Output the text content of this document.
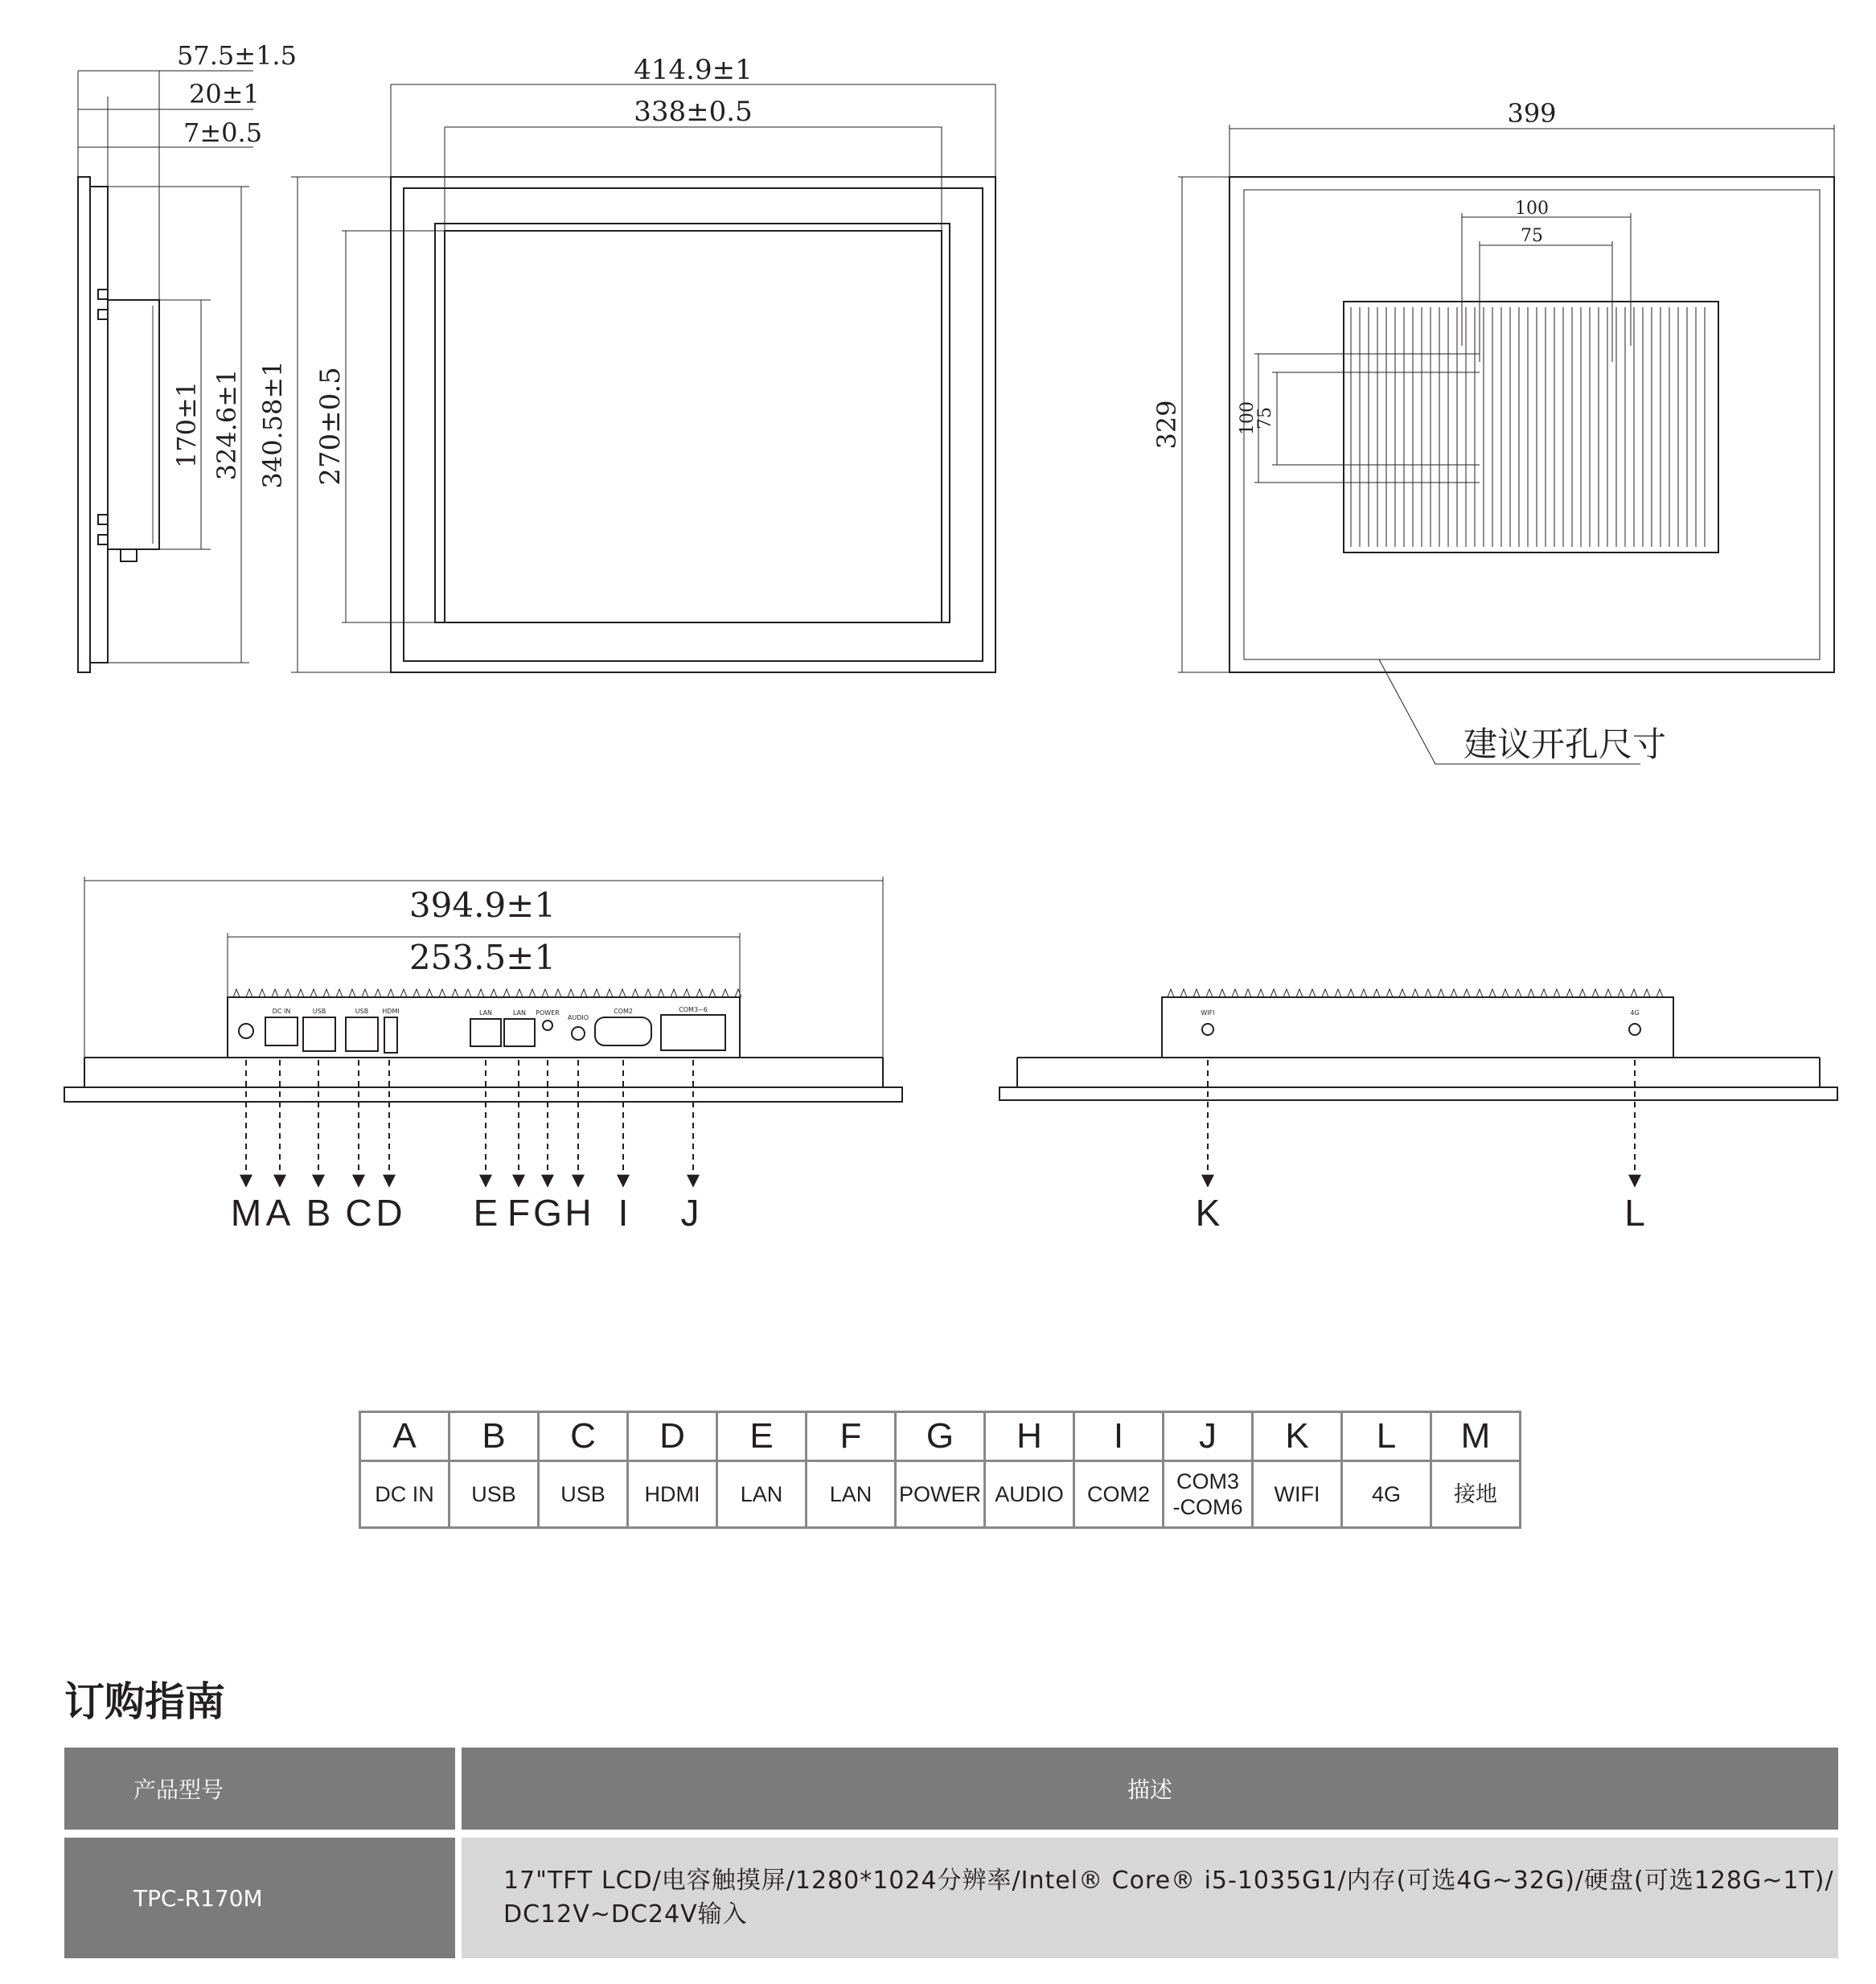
57.5±1.5
20±1
7±0.5
170±1 324.6±1 340.58±1
414.9±1
338±0.5
270±0.5
399
329
100
75
100
75
建议开孔尺寸
394.9±1
253.5±1
DC IN	USB	USB HDMI	LAN	LAN POWER
AUDIO
COM2	COM3~6	WIFI	4G
M A B C D E F G H I J	K	L
A	B	C	D	E	F	G	H	I	J	K	L	M
DC IN	USB	USB	HDMI	LAN	LAN	POWER	AUDIO	COM2	COM3
-COM6	WIFI	4G	接地
订购指南
产品型号	描述
TPC-R170M
17"TFT LCD/电容触摸屏/1280*1024分辨率/Intel® Core® i5-1035G1/内存(可选4G~32G)/硬盘(可选128G~1T)/
DC12V~DC24V输入
